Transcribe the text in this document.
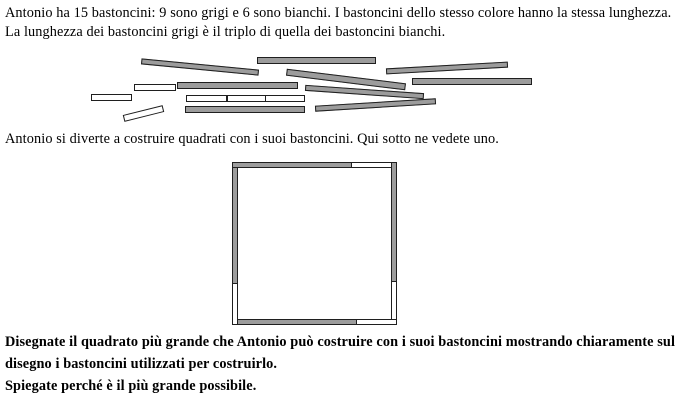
Antonio ha 15 bastoncini: 9 sono grigi e 6 sono bianchi. I bastoncini dello stesso colore hanno la stessa lunghezza. La lunghezza dei bastoncini grigi è il triplo di quella dei bastoncini bianchi.
Antonio si diverte a costruire quadrati con i suoi bastoncini. Qui sotto ne vedete uno.
Disegnate il quadrato più grande che Antonio può costruire con i suoi bastoncini mostrando chiaramente sul disegno i bastoncini utilizzati per costruirlo.
Spiegate perché è il più grande possibile.
